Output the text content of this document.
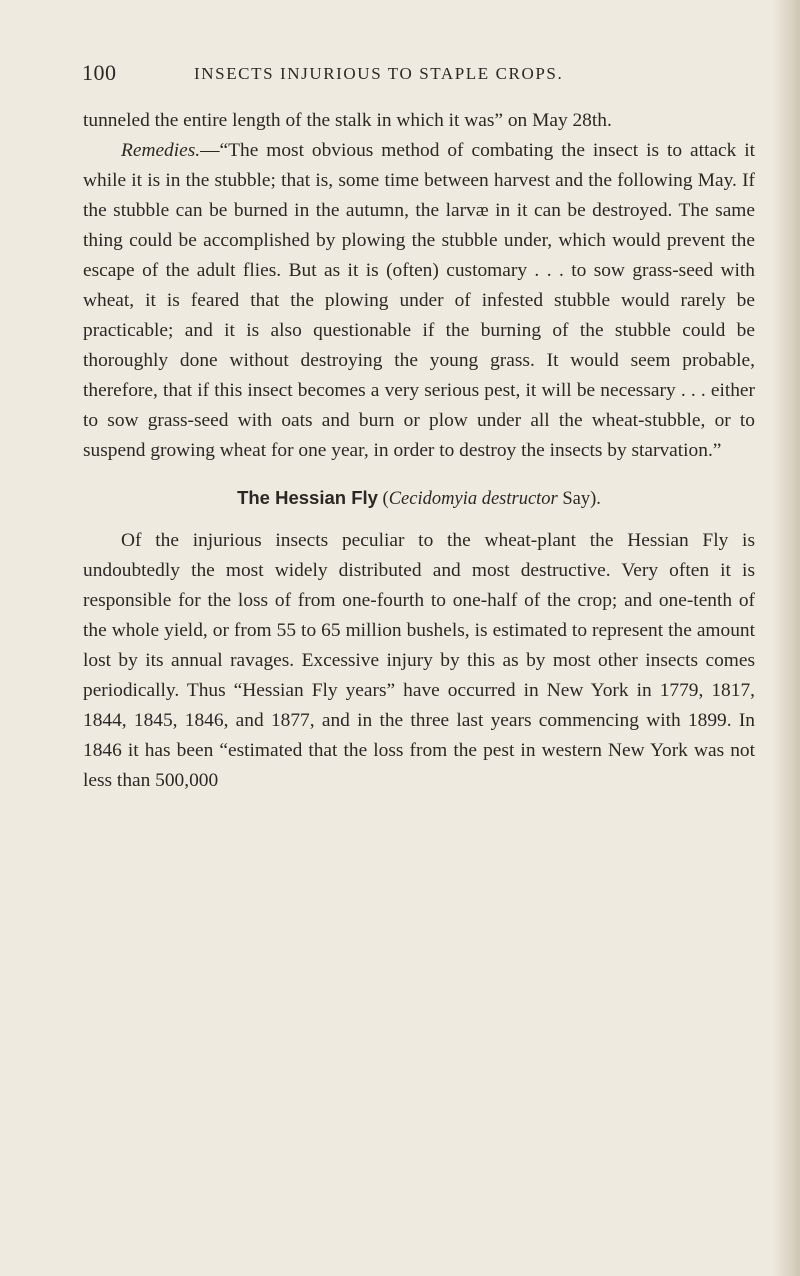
100	INSECTS INJURIOUS TO STAPLE CROPS.

tunneled the entire length of the stalk in which it was” on May 28th.

Remedies.—“The most obvious method of combating the insect is to attack it while it is in the stubble; that is, some time between harvest and the following May. If the stubble can be burned in the autumn, the larvæ in it can be destroyed. The same thing could be accomplished by plowing the stubble under, which would prevent the escape of the adult flies. But as it is (often) customary . . . to sow grass-seed with wheat, it is feared that the plowing under of infested stubble would rarely be practicable; and it is also questionable if the burning of the stubble could be thoroughly done without destroying the young grass. It would seem probable, therefore, that if this insect becomes a very serious pest, it will be necessary . . . either to sow grass-seed with oats and burn or plow under all the wheat-stubble, or to suspend growing wheat for one year, in order to destroy the insects by starvation.”

The Hessian Fly (Cecidomyia destructor Say).

Of the injurious insects peculiar to the wheat-plant the Hessian Fly is undoubtedly the most widely distributed and most destructive. Very often it is responsible for the loss of from one-fourth to one-half of the crop; and one-tenth of the whole yield, or from 55 to 65 million bushels, is estimated to represent the amount lost by its annual ravages. Excessive injury by this as by most other insects comes periodically. Thus “Hessian Fly years” have occurred in New York in 1779, 1817, 1844, 1845, 1846, and 1877, and in the three last years commencing with 1899. In 1846 it has been “estimated that the loss from the pest in western New York was not less than 500,000
